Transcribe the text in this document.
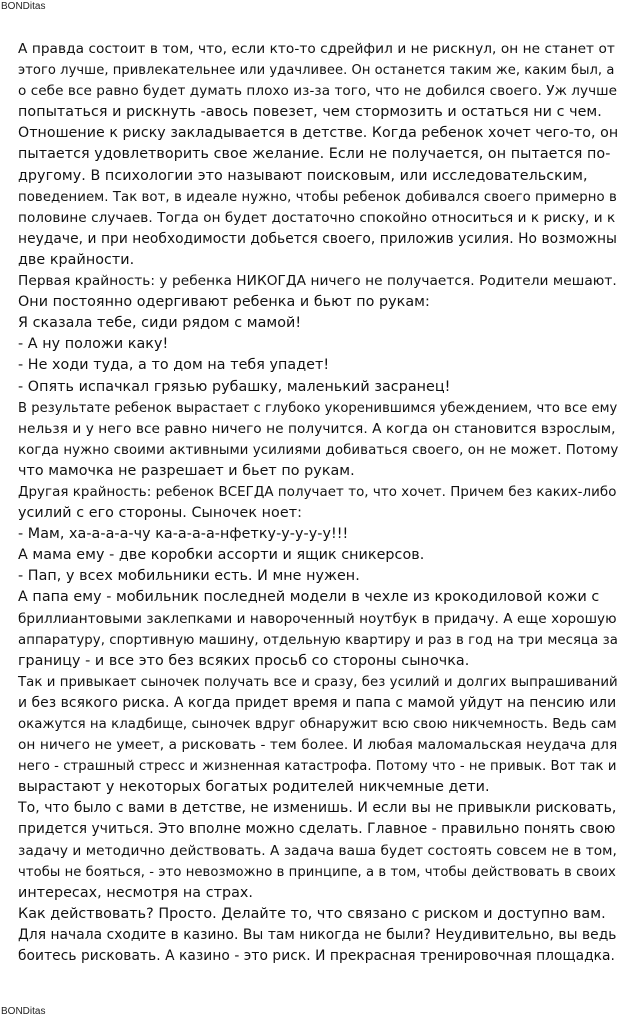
BONDitas
А правда состоит в том, что, если кто-то сдрейфил и не рискнул, он не станет от
этого лучше, привлекательнее или удачливее. Он останется таким же, каким был, а
о себе все равно будет думать плохо из-за того, что не добился своего. Уж лучше
попытаться и рискнуть -авось повезет, чем стормозить и остаться ни с чем.
Отношение к риску закладывается в детстве. Когда ребенок хочет чего-то, он
пытается удовлетворить свое желание. Если не получается, он пытается по-
другому. В психологии это называют поисковым, или исследовательским,
поведением. Так вот, в идеале нужно, чтобы ребенок добивался своего примерно в
половине случаев. Тогда он будет достаточно спокойно относиться и к риску, и к
неудаче, и при необходимости добьется своего, приложив усилия. Но возможны
две крайности.
Первая крайность: у ребенка НИКОГДА ничего не получается. Родители мешают.
Они постоянно одергивают ребенка и бьют по рукам:
Я сказала тебе, сиди рядом с мамой!
- А ну положи каку!
- Не ходи туда, а то дом на тебя упадет!
- Опять испачкал грязью рубашку, маленький засранец!
В результате ребенок вырастает с глубоко укоренившимся убеждением, что все ему
нельзя и у него все равно ничего не получится. А когда он становится взрослым,
когда нужно своими активными усилиями добиваться своего, он не может. Потому
что мамочка не разрешает и бьет по рукам.
Другая крайность: ребенок ВСЕГДА получает то, что хочет. Причем без каких-либо
усилий с его стороны. Сыночек ноет:
- Мам, ха-а-а-а-чу ка-а-а-а-нфетку-у-у-у-у!!!
А мама ему - две коробки ассорти и ящик сникерсов.
- Пап, у всех мобильники есть. И мне нужен.
А папа ему - мобильник последней модели в чехле из крокодиловой кожи с
бриллиантовыми заклепками и навороченный ноутбук в придачу. А еще хорошую
аппаратуру, спортивную машину, отдельную квартиру и раз в год на три месяца за
границу - и все это без всяких просьб со стороны сыночка.
Так и привыкает сыночек получать все и сразу, без усилий и долгих выпрашиваний
и без всякого риска. А когда придет время и папа с мамой уйдут на пенсию или
окажутся на кладбище, сыночек вдруг обнаружит всю свою никчемность. Ведь сам
он ничего не умеет, а рисковать - тем более. И любая маломальская неудача для
него - страшный стресс и жизненная катастрофа. Потому что - не привык. Вот так и
вырастают у некоторых богатых родителей никчемные дети.
То, что было с вами в детстве, не изменишь. И если вы не привыкли рисковать,
придется учиться. Это вполне можно сделать. Главное - правильно понять свою
задачу и методично действовать. А задача ваша будет состоять совсем не в том,
чтобы не бояться, - это невозможно в принципе, а в том, чтобы действовать в своих
интересах, несмотря на страх.
Как действовать? Просто. Делайте то, что связано с риском и доступно вам.
Для начала сходите в казино. Вы там никогда не были? Неудивительно, вы ведь
боитесь рисковать. А казино - это риск. И прекрасная тренировочная площадка.
BONDitas
